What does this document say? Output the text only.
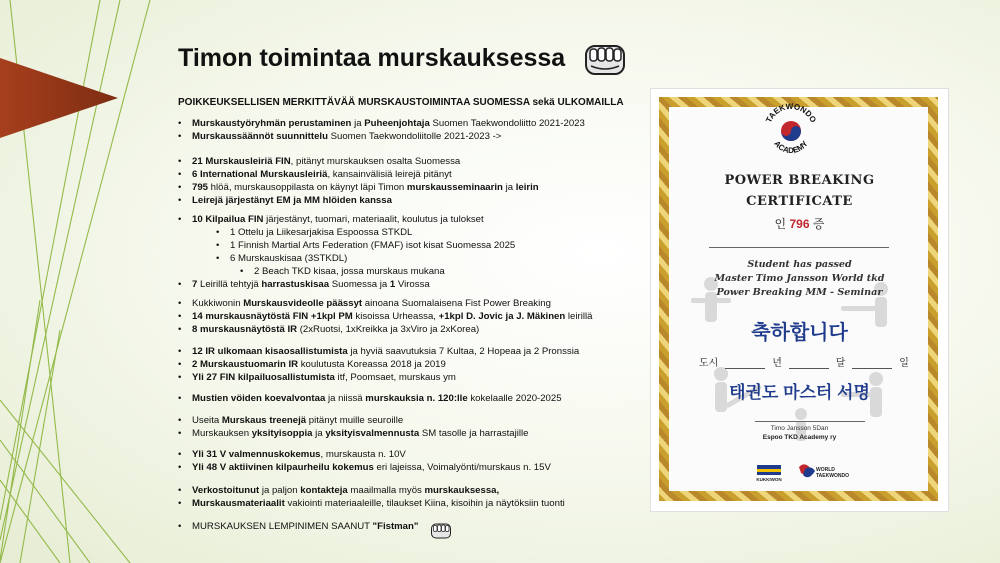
Timon toimintaa murskauksessa
POIKKEUKSELLISEN MERKITTÄVÄÄ MURSKAUSTOIMINTAA SUOMESSA sekä ULKOMAILLA
• Murskaustyöryhmän perustaminen ja Puheenjohtaja Suomen Taekwondoliitto 2021-2023
• Murskaussäännöt suunnittelu Suomen Taekwondoliitolle 2021-2023 ->
• 21 Murskausleiriä FIN, pitänyt murskauksen osalta Suomessa
• 6 International Murskausleiriä, kansainvälisiä leirejä pitänyt
• 795 hlöä, murskausoppilasta on käynyt läpi Timon murskausseminaarin ja leirin
• Leirejä järjestänyt EM ja MM hlöiden kanssa
• 10 Kilpailua FIN järjestänyt, tuomari, materiaalit, koulutus ja tulokset
• 1 Ottelu ja Liikesarjakisa Espoossa STKDL
• 1 Finnish Martial Arts Federation (FMAF) isot kisat Suomessa 2025
• 6 Murskauskisaa (3STKDL)
• 2 Beach TKD kisaa, jossa murskaus mukana
• 7 Leirillä tehtyjä harrastuskisaa Suomessa ja 1 Virossa
• Kukkiwonin Murskausvideolle päässyt ainoana Suomalaisena Fist Power Breaking
• 14 murskausnäytöstä FIN +1kpl PM kisoissa Urheassa, +1kpl D. Jovic ja J. Mäkinen leirillä
• 8 murskausnäytöstä IR (2xRuotsi, 1xKreikka ja 3xViro ja 2xKorea)
• 12 IR ulkomaan kisaosallistumista ja hyviä saavutuksia 7 Kultaa, 2 Hopeaa ja 2 Pronssia
• 2 Murskaustuomarin IR koulutusta Koreassa 2018 ja 2019
• Yli 27 FIN kilpailuosallistumista itf, Poomsaet, murskaus ym
• Mustien vöiden koevalvontaa ja niissä murskauksia n. 120:lle kokelaalle 2020-2025
• Useita Murskaus treenejä pitänyt muille seuroille
• Murskauksen yksityisoppia ja yksityisvalmennusta SM tasolle ja harrastajille
• Yli 31 V valmennuskokemus, murskausta n. 10V
• Yli 48 V aktiivinen kilpaurheilu kokemus eri lajeissa, Voimalyönti/murskaus n. 15V
• Verkostoitunut ja paljon kontakteja maailmalla myös murskauksessa,
• Murskausmateriaalit vakiointi materiaaleille, tilaukset Kiina, kisoihin ja näytöksiin tuonti
• MURSKAUKSEN LEMPINIMEN SAANUT "Fistman"
TAEKWONDO
ACADEMY
POWER BREAKING
CERTIFICATE
인 796 증
Student has passed
Master Timo Jansson World tkd
Power Breaking MM - Seminar
축하합니다
도시	년	달	일
태권도 마스터 서명
Timo Jansson 5Dan
Espoo TKD Academy ry
KUKKIWON
WORLD
TAEKWONDO
